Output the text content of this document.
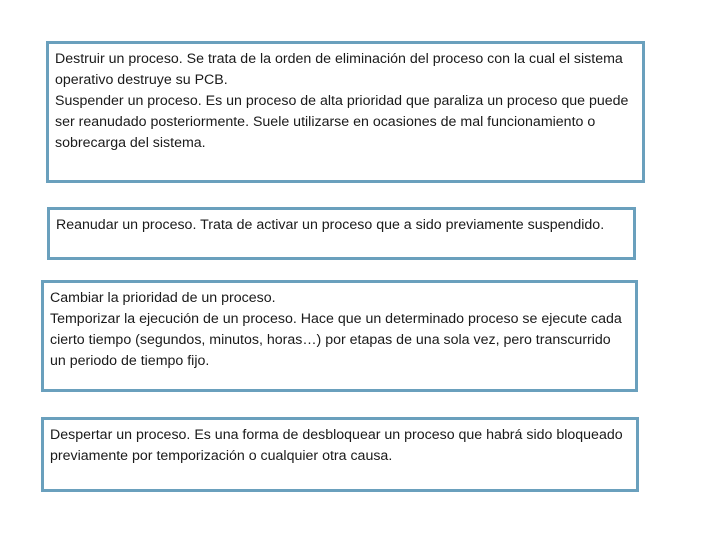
Destruir un proceso. Se trata de la orden de eliminación del proceso con la cual el sistema operativo destruye su PCB.

Suspender un proceso. Es un proceso de alta prioridad que paraliza un proceso que puede ser reanudado posteriormente. Suele utilizarse en ocasiones de mal funcionamiento o sobrecarga del sistema.

Reanudar un proceso. Trata de activar un proceso que a sido previamente suspendido.

Cambiar la prioridad de un proceso.

Temporizar la ejecución de un proceso. Hace que un determinado proceso se ejecute cada cierto tiempo (segundos, minutos, horas…) por etapas de una sola vez, pero transcurrido un periodo de tiempo fijo.

Despertar un proceso. Es una forma de desbloquear un proceso que habrá sido bloqueado previamente por temporización o cualquier otra causa.
